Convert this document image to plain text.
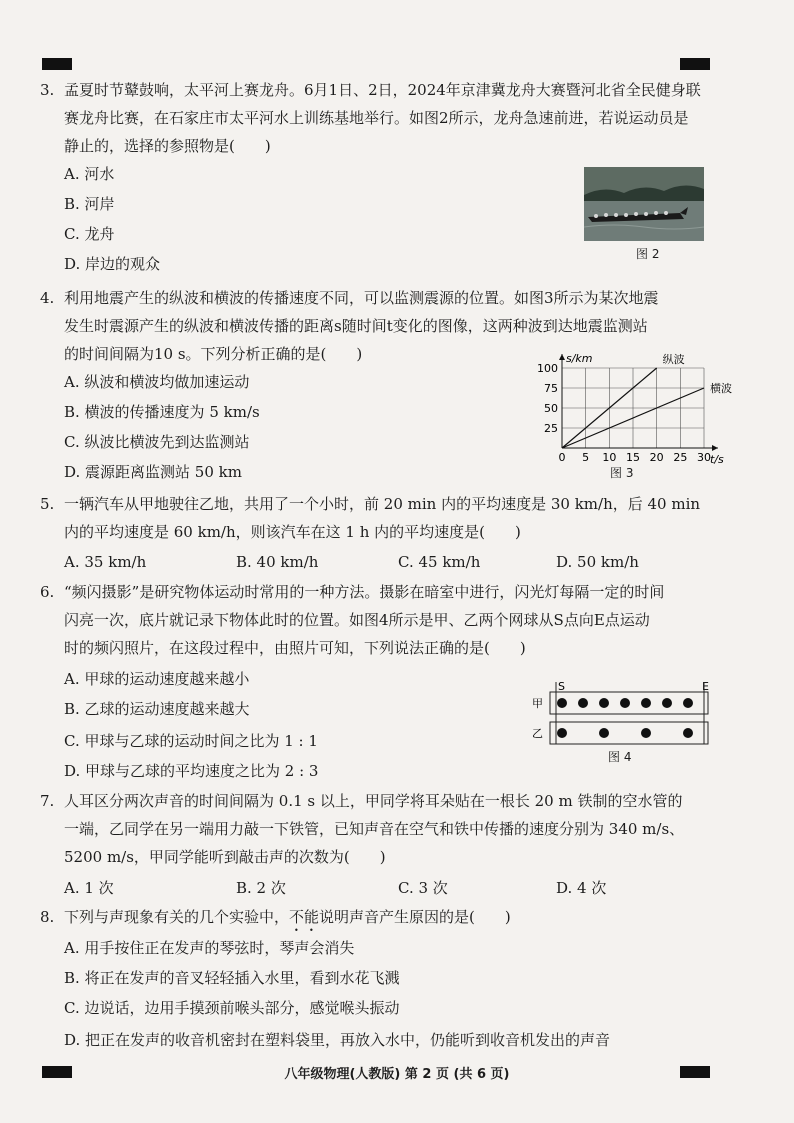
3. 孟夏时节鼙鼓响，太平河上赛龙舟。6月1日、2日，2024年京津冀龙舟大赛暨河北省全民健身联
赛龙舟比赛，在石家庄市太平河水上训练基地举行。如图2所示，龙舟急速前进，若说运动员是
静止的，选择的参照物是(　　)
A. 河水
B. 河岸
C. 龙舟
D. 岸边的观众
图 2
4. 利用地震产生的纵波和横波的传播速度不同，可以监测震源的位置。如图3所示为某次地震
发生时震源产生的纵波和横波传播的距离s随时间t变化的图像，这两种波到达地震监测站
的时间间隔为10 s。下列分析正确的是(　　)
A. 纵波和横波均做加速运动
B. 横波的传播速度为 5 km/s
C. 纵波比横波先到达监测站
D. 震源距离监测站 50 km
t/s
s/km
0 5 10 15 20 25 30
25
50
75
100
纵波
横波
图 3
5. 一辆汽车从甲地驶往乙地，共用了一个小时，前 20 min 内的平均速度是 30 km/h，后 40 min
内的平均速度是 60 km/h，则该汽车在这 1 h 内的平均速度是(　　)
A. 35 km/h	B. 40 km/h	C. 45 km/h	D. 50 km/h
6. “频闪摄影”是研究物体运动时常用的一种方法。摄影在暗室中进行，闪光灯每隔一定的时间
闪亮一次，底片就记录下物体此时的位置。如图4所示是甲、乙两个网球从S点向E点运动
时的频闪照片，在这段过程中，由照片可知，下列说法正确的是(　　)
A. 甲球的运动速度越来越小
B. 乙球的运动速度越来越大
C. 甲球与乙球的运动时间之比为 1 : 1
D. 甲球与乙球的平均速度之比为 2 : 3
S	E
甲
乙
图 4
7. 人耳区分两次声音的时间间隔为 0.1 s 以上，甲同学将耳朵贴在一根长 20 m 铁制的空水管的
一端，乙同学在另一端用力敲一下铁管，已知声音在空气和铁中传播的速度分别为 340 m/s、
5200 m/s，甲同学能听到敲击声的次数为(　　)
A. 1 次	B. 2 次	C. 3 次	D. 4 次
8. 下列与声现象有关的几个实验中，不能说明声音产生原因的是(　　)
A. 用手按住正在发声的琴弦时，琴声会消失
B. 将正在发声的音叉轻轻插入水里，看到水花飞溅
C. 边说话，边用手摸颈前喉头部分，感觉喉头振动
D. 把正在发声的收音机密封在塑料袋里，再放入水中，仍能听到收音机发出的声音
八年级物理(人教版) 第 2 页 (共 6 页)
